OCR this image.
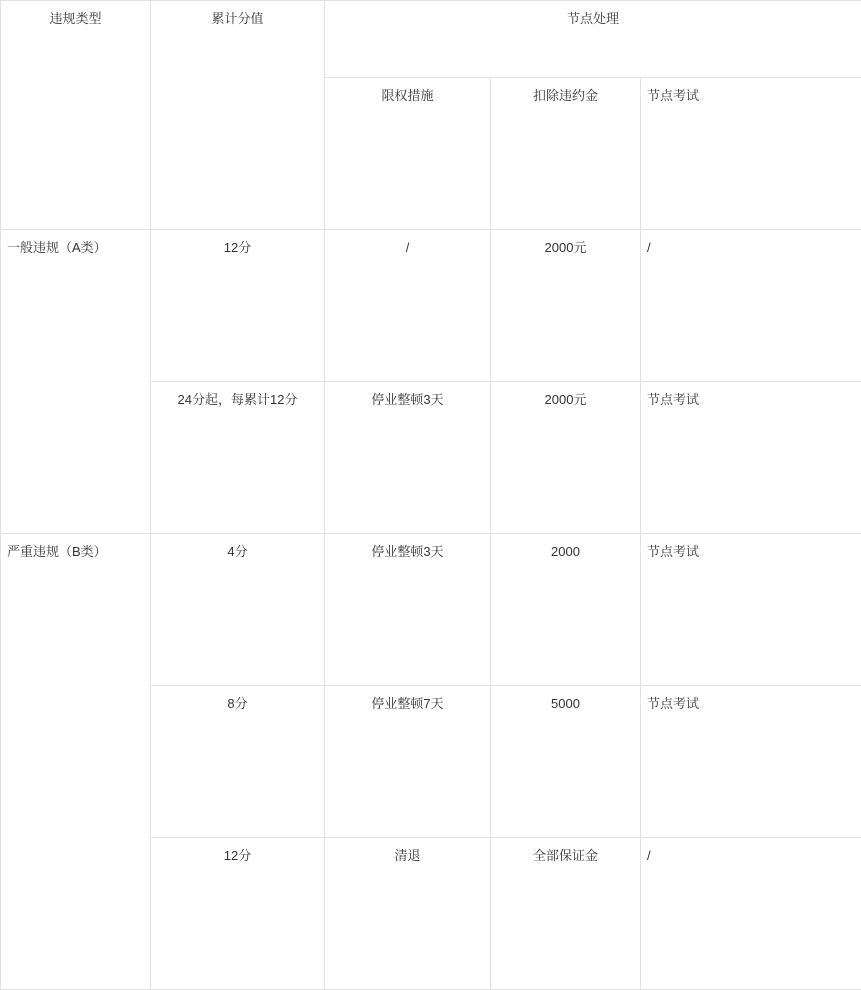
违规类型	累计分值	节点处理		
		限权措施	扣除违约金	节点考试
一般违规（A类）	12分	/	2000元	/
	24分起，每累计12分	停业整顿3天	2000元	节点考试
严重违规（B类）	4分	停业整顿3天	2000	节点考试
	8分	停业整顿7天	5000	节点考试
	12分	清退	全部保证金	/
